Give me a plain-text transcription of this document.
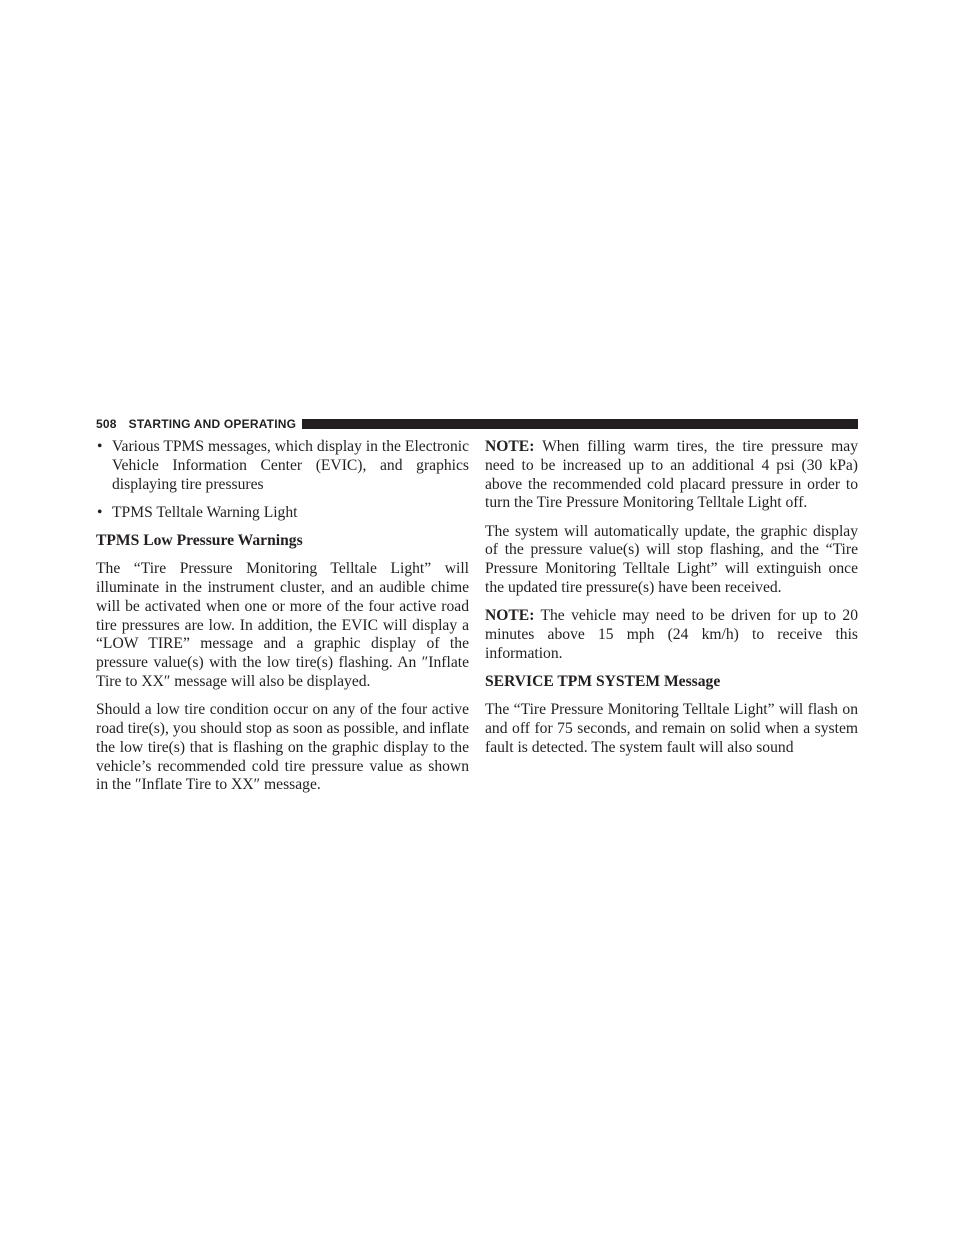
508 STARTING AND OPERATING
• Various TPMS messages, which display in the Electronic Vehicle Information Center (EVIC), and graphics displaying tire pressures
• TPMS Telltale Warning Light

TPMS Low Pressure Warnings

The “Tire Pressure Monitoring Telltale Light” will illuminate in the instrument cluster, and an audible chime will be activated when one or more of the four active road tire pressures are low. In addition, the EVIC will display a “LOW TIRE” message and a graphic display of the pressure value(s) with the low tire(s) flashing. An ″Inflate Tire to XX″ message will also be displayed.

Should a low tire condition occur on any of the four active road tire(s), you should stop as soon as possible, and inflate the low tire(s) that is flashing on the graphic display to the vehicle’s recommended cold tire pressure value as shown in the ″Inflate Tire to XX″ message.

NOTE: When filling warm tires, the tire pressure may need to be increased up to an additional 4 psi (30 kPa) above the recommended cold placard pressure in order to turn the Tire Pressure Monitoring Telltale Light off.

The system will automatically update, the graphic display of the pressure value(s) will stop flashing, and the “Tire Pressure Monitoring Telltale Light” will extinguish once the updated tire pressure(s) have been received.

NOTE: The vehicle may need to be driven for up to 20 minutes above 15 mph (24 km/h) to receive this information.

SERVICE TPM SYSTEM Message

The “Tire Pressure Monitoring Telltale Light” will flash on and off for 75 seconds, and remain on solid when a system fault is detected. The system fault will also sound
